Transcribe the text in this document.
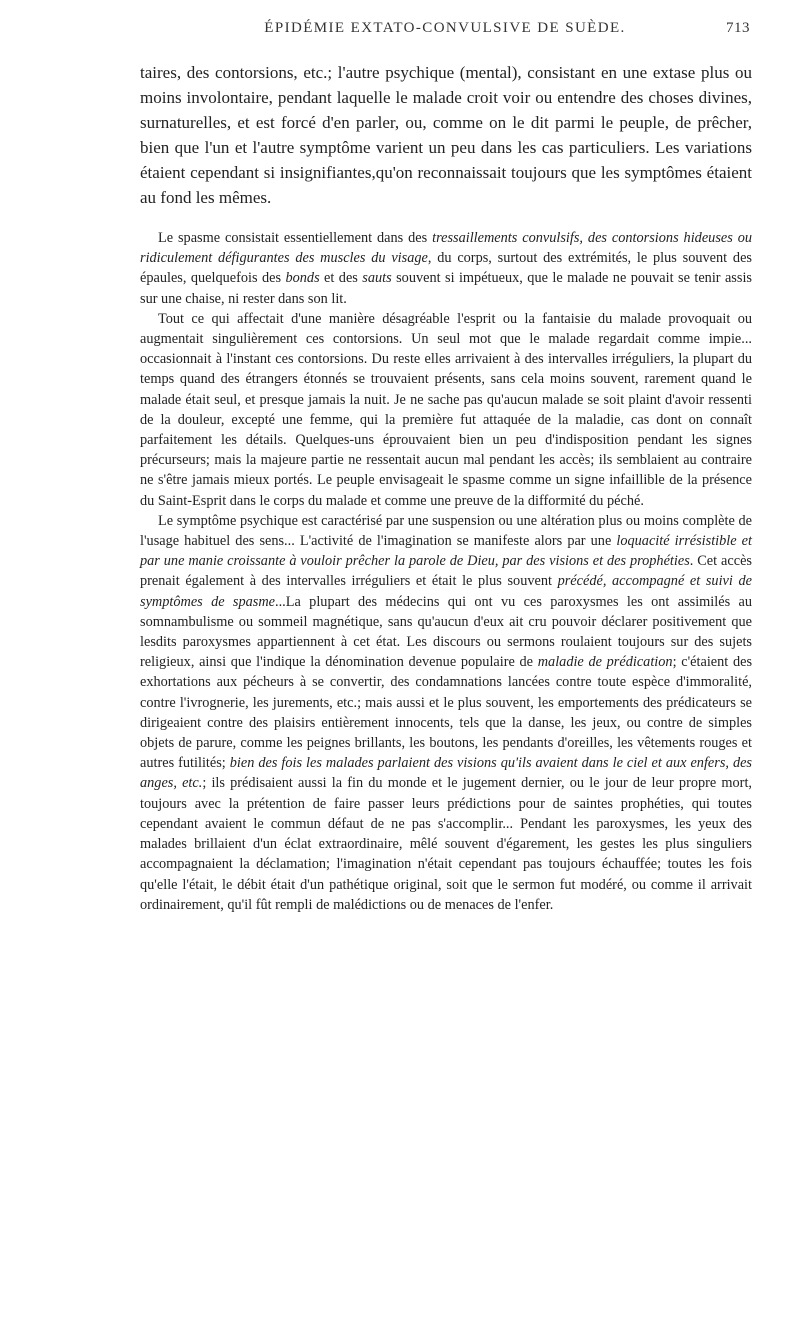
ÉPIDÉMIE EXTATO-CONVULSIVE DE SUÈDE.	713

taires, des contorsions, etc.; l'autre psychique (mental), consistant en une extase plus ou moins involontaire, pendant laquelle le malade croit voir ou entendre des choses divines, surnaturelles, et est forcé d'en parler, ou, comme on le dit parmi le peuple, de prêcher, bien que l'un et l'autre symptôme varient un peu dans les cas particuliers. Les variations étaient cependant si insignifiantes,qu'on reconnaissait toujours que les symptômes étaient au fond les mêmes.

Le spasme consistait essentiellement dans des tressaillements convulsifs, des contorsions hideuses ou ridiculement défigurantes des muscles du visage, du corps, surtout des extrémités, le plus souvent des épaules, quelquefois des bonds et des sauts souvent si impétueux, que le malade ne pouvait se tenir assis sur une chaise, ni rester dans son lit.

Tout ce qui affectait d'une manière désagréable l'esprit ou la fantaisie du malade provoquait ou augmentait singulièrement ces contorsions. Un seul mot que le malade regardait comme impie... occasionnait à l'instant ces contorsions. Du reste elles arrivaient à des intervalles irréguliers, la plupart du temps quand des étrangers étonnés se trouvaient présents, sans cela moins souvent, rarement quand le malade était seul, et presque jamais la nuit. Je ne sache pas qu'aucun malade se soit plaint d'avoir ressenti de la douleur, excepté une femme, qui la première fut attaquée de la maladie, cas dont on connaît parfaitement les détails. Quelques-uns éprouvaient bien un peu d'indisposition pendant les signes précurseurs; mais la majeure partie ne ressentait aucun mal pendant les accès; ils semblaient au contraire ne s'être jamais mieux portés. Le peuple envisageait le spasme comme un signe infaillible de la présence du Saint-Esprit dans le corps du malade et comme une preuve de la difformité du péché.

Le symptôme psychique est caractérisé par une suspension ou une altération plus ou moins complète de l'usage habituel des sens... L'activité de l'imagination se manifeste alors par une loquacité irrésistible et par une manie croissante à vouloir prêcher la parole de Dieu, par des visions et des prophéties. Cet accès prenait également à des intervalles irréguliers et était le plus souvent précédé, accompagné et suivi de symptômes de spasme...La plupart des médecins qui ont vu ces paroxysmes les ont assimilés au somnambulisme ou sommeil magnétique, sans qu'aucun d'eux ait cru pouvoir déclarer positivement que lesdits paroxysmes appartiennent à cet état. Les discours ou sermons roulaient toujours sur des sujets religieux, ainsi que l'indique la dénomination devenue populaire de maladie de prédication; c'étaient des exhortations aux pécheurs à se convertir, des condamnations lancées contre toute espèce d'immoralité, contre l'ivrognerie, les jurements, etc.; mais aussi et le plus souvent, les emportements des prédicateurs se dirigeaient contre des plaisirs entièrement innocents, tels que la danse, les jeux, ou contre de simples objets de parure, comme les peignes brillants, les boutons, les pendants d'oreilles, les vêtements rouges et autres futilités; bien des fois les malades parlaient des visions qu'ils avaient dans le ciel et aux enfers, des anges, etc.; ils prédisaient aussi la fin du monde et le jugement dernier, ou le jour de leur propre mort, toujours avec la prétention de faire passer leurs prédictions pour de saintes prophéties, qui toutes cependant avaient le commun défaut de ne pas s'accomplir... Pendant les paroxysmes, les yeux des malades brillaient d'un éclat extraordinaire, mêlé souvent d'égarement, les gestes les plus singuliers accompagnaient la déclamation; l'imagination n'était cependant pas toujours échauffée; toutes les fois qu'elle l'était, le débit était d'un pathétique original, soit que le sermon fut modéré, ou comme il arrivait ordinairement, qu'il fût rempli de malédictions ou de menaces de l'enfer.
